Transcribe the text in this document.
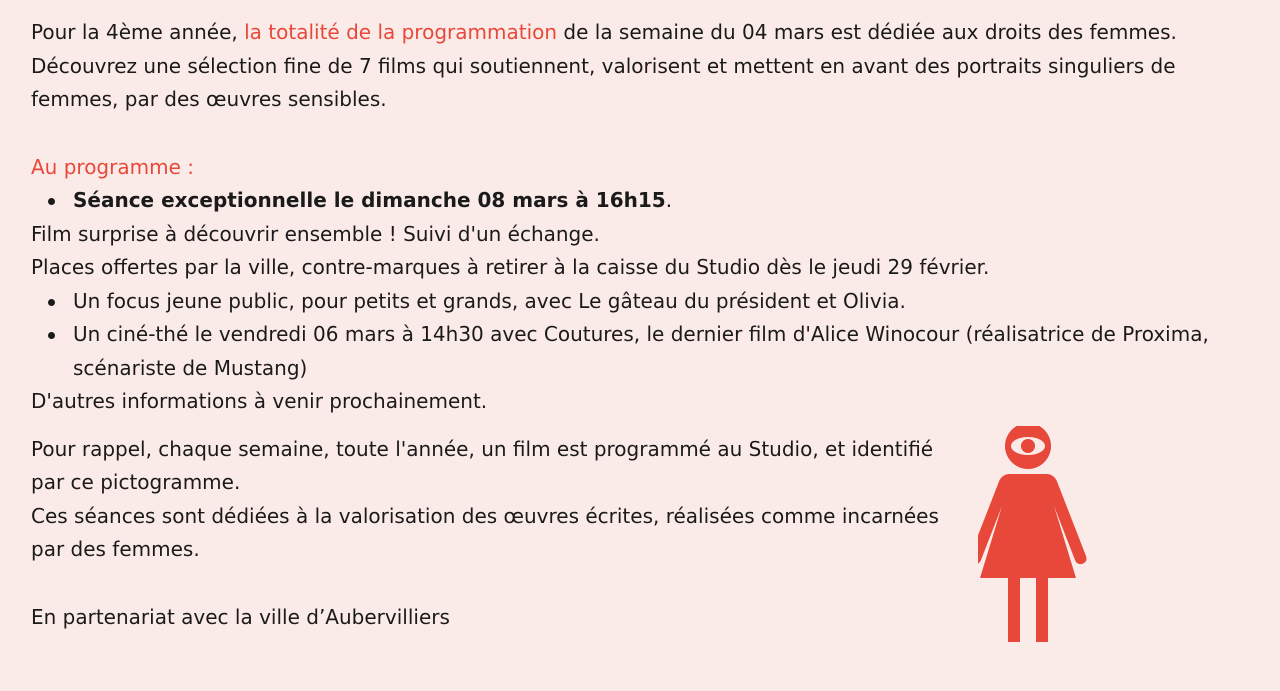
Pour la 4ème année, la totalité de la programmation de la semaine du 04 mars est dédiée aux droits des femmes.

Découvrez une sélection fine de 7 films qui soutiennent, valorisent et mettent en avant des portraits singuliers de femmes, par des œuvres sensibles.

Au programme :

Séance exceptionnelle le dimanche 08 mars à 16h15.

Film surprise à découvrir ensemble ! Suivi d'un échange.

Places offertes par la ville, contre-marques à retirer à la caisse du Studio dès le jeudi 29 février.

Un focus jeune public, pour petits et grands, avec Le gâteau du président et Olivia.
Un ciné-thé le vendredi 06 mars à 14h30 avec Coutures, le dernier film d'Alice Winocour (réalisatrice de Proxima, scénariste de Mustang)

D'autres informations à venir prochainement.

Pour rappel, chaque semaine, toute l'année, un film est programmé au Studio, et identifié par ce pictogramme.

Ces séances sont dédiées à la valorisation des œuvres écrites, réalisées comme incarnées par des femmes.

En partenariat avec la ville d’Aubervilliers
